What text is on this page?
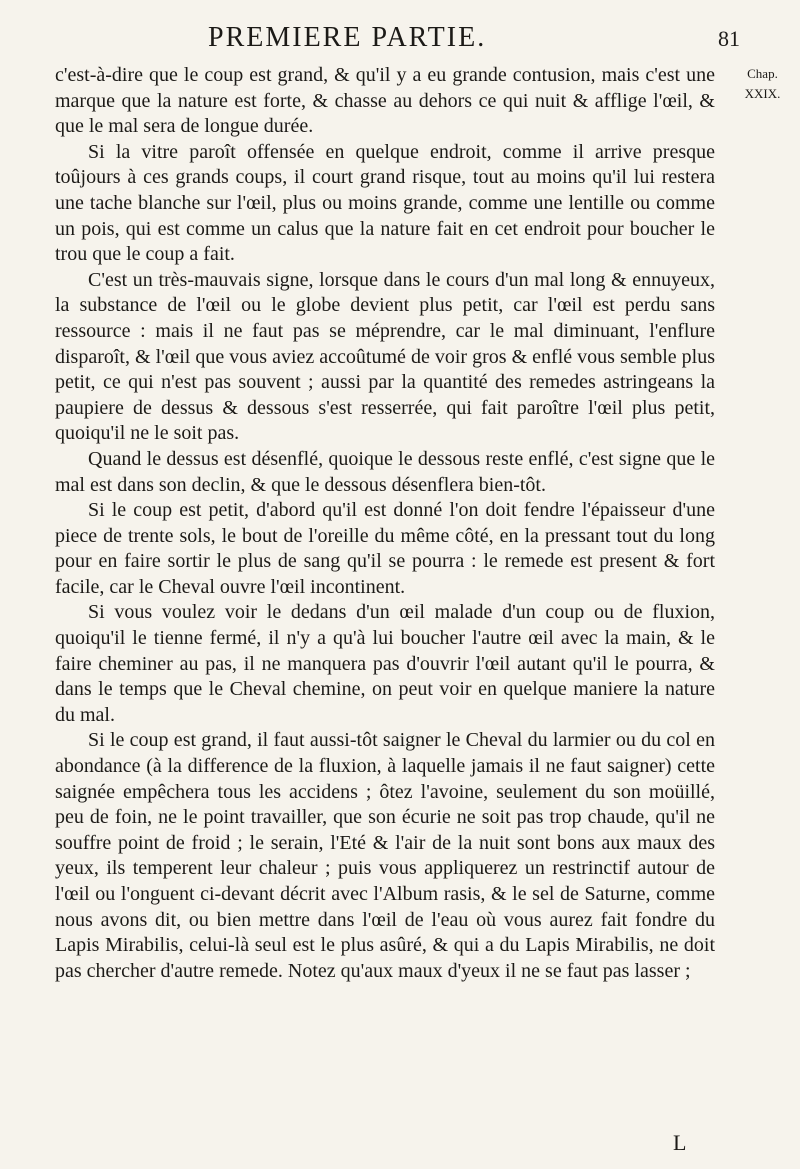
PREMIERE PARTIE.	81
Chap.
XXIX.

c'est-à-dire que le coup est grand, & qu'il y a eu grande contusion, mais c'est une marque que la nature est forte, & chasse au dehors ce qui nuit & afflige l'œil, & que le mal sera de longue durée.

Si la vitre paroît offensée en quelque endroit, comme il arrive presque toûjours à ces grands coups, il court grand risque, tout au moins qu'il lui restera une tache blanche sur l'œil, plus ou moins grande, comme une lentille ou comme un pois, qui est comme un calus que la nature fait en cet endroit pour boucher le trou que le coup a fait.

C'est un très-mauvais signe, lorsque dans le cours d'un mal long & ennuyeux, la substance de l'œil ou le globe devient plus petit, car l'œil est perdu sans ressource : mais il ne faut pas se méprendre, car le mal diminuant, l'enflure disparoît, & l'œil que vous aviez accoûtumé de voir gros & enflé vous semble plus petit, ce qui n'est pas souvent ; aussi par la quantité des remedes astringeans la paupiere de dessus & dessous s'est resserrée, qui fait paroître l'œil plus petit, quoiqu'il ne le soit pas.

Quand le dessus est désenflé, quoique le dessous reste enflé, c'est signe que le mal est dans son declin, & que le dessous désenflera bien-tôt.

Si le coup est petit, d'abord qu'il est donné l'on doit fendre l'épaisseur d'une piece de trente sols, le bout de l'oreille du même côté, en la pressant tout du long pour en faire sortir le plus de sang qu'il se pourra : le remede est present & fort facile, car le Cheval ouvre l'œil incontinent.

Si vous voulez voir le dedans d'un œil malade d'un coup ou de fluxion, quoiqu'il le tienne fermé, il n'y a qu'à lui boucher l'autre œil avec la main, & le faire cheminer au pas, il ne manquera pas d'ouvrir l'œil autant qu'il le pourra, & dans le temps que le Cheval chemine, on peut voir en quelque maniere la nature du mal.

Si le coup est grand, il faut aussi-tôt saigner le Cheval du larmier ou du col en abondance (à la difference de la fluxion, à laquelle jamais il ne faut saigner) cette saignée empêchera tous les accidens ; ôtez l'avoine, seulement du son moüillé, peu de foin, ne le point travailler, que son écurie ne soit pas trop chaude, qu'il ne souffre point de froid ; le serain, l'Eté & l'air de la nuit sont bons aux maux des yeux, ils temperent leur chaleur ; puis vous appliquerez un restrinctif autour de l'œil ou l'onguent ci-devant décrit avec l'Album rasis, & le sel de Saturne, comme nous avons dit, ou bien mettre dans l'œil de l'eau où vous aurez fait fondre du Lapis Mirabilis, celui-là seul est le plus asûré, & qui a du Lapis Mirabilis, ne doit pas chercher d'autre remede. Notez qu'aux maux d'yeux il ne se faut pas lasser ;

L
